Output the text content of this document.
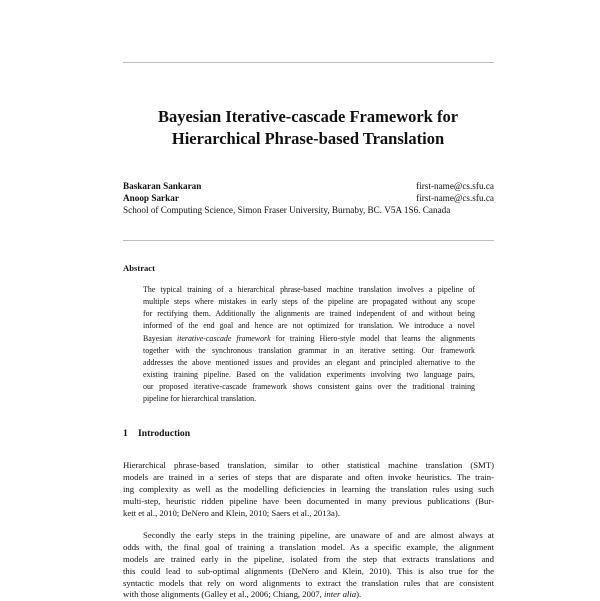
Bayesian Iterative-cascade Framework for
Hierarchical Phrase-based Translation
Baskaran Sankaran	first-name@cs.sfu.ca
Anoop Sarkar	first-name@cs.sfu.ca
School of Computing Science, Simon Fraser University, Burnaby, BC. V5A 1S6. Canada
Abstract
The typical training of a hierarchical phrase-based machine translation involves a pipeline of
multiple steps where mistakes in early steps of the pipeline are propagated without any scope
for rectifying them. Additionally the alignments are trained independent of and without being
informed of the end goal and hence are not optimized for translation. We introduce a novel
Bayesian iterative-cascade framework for training Hiero-style model that learns the alignments
together with the synchronous translation grammar in an iterative setting. Our framework
addresses the above mentioned issues and provides an elegant and principled alternative to the
existing training pipeline. Based on the validation experiments involving two language pairs,
our proposed iterative-cascade framework shows consistent gains over the traditional training
pipeline for hierarchical translation.
1 Introduction
Hierarchical phrase-based translation, similar to other statistical machine translation (SMT)
models are trained in a series of steps that are disparate and often invoke heuristics. The train-
ing complexity as well as the modelling deficiencies in learning the translation rules using such
multi-step, heuristic ridden pipeline have been documented in many previous publications (Bur-
kett et al., 2010; DeNero and Klein, 2010; Saers et al., 2013a).
Secondly the early steps in the training pipeline, are unaware of and are almost always at
odds with, the final goal of training a translation model. As a specific example, the alignment
models are trained early in the pipeline, isolated from the step that extracts translations and
this could lead to sub-optimal alignments (DeNero and Klein, 2010). This is also true for the
syntactic models that rely on word alignments to extract the translation rules that are consistent
with those alignments (Galley et al., 2006; Chiang, 2007, inter alia).
